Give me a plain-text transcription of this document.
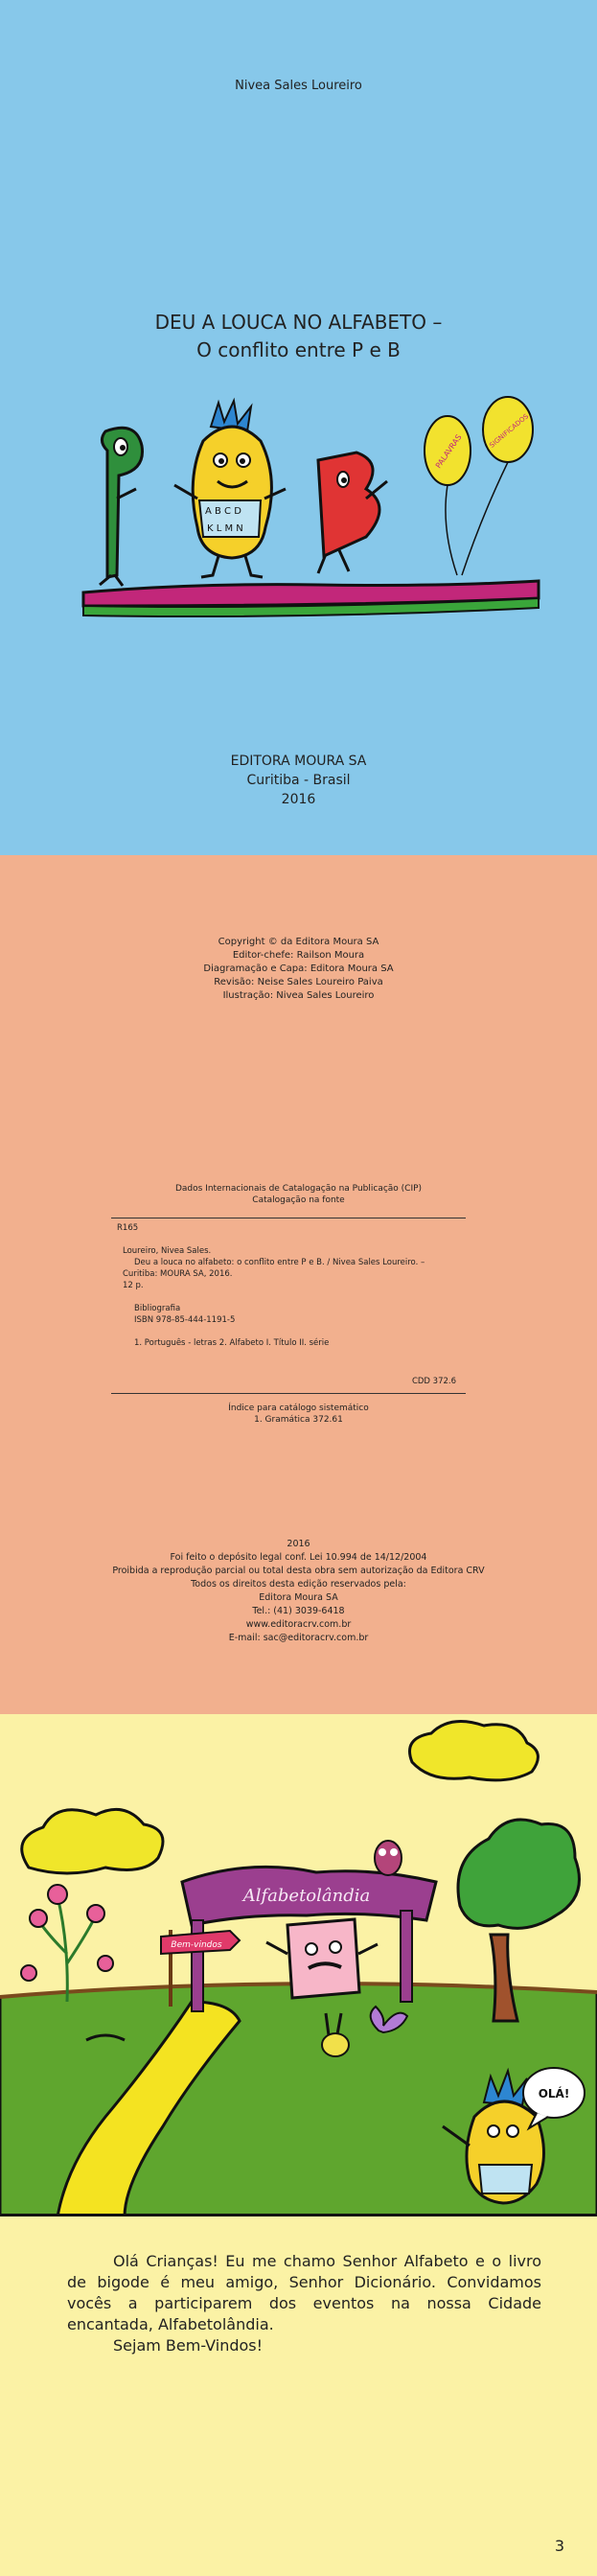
Nivea Sales Loureiro
DEU A LOUCA NO ALFABETO –
O conflito entre P e B
A B C D
K L M N
PALAVRAS
SIGNIFICADOS
EDITORA MOURA SA
Curitiba - Brasil
2016
Copyright © da Editora Moura SA
Editor-chefe: Railson Moura
Diagramação e Capa: Editora Moura SA
Revisão: Neise Sales Loureiro Paiva
Ilustração: Nivea Sales Loureiro
Dados Internacionais de Catalogação na Publicação (CIP)
Catalogação na fonte
R165
Loureiro, Nivea Sales.
Deu a louca no alfabeto: o conflito entre P e B. / Nivea Sales Loureiro. –
Curitiba: MOURA SA, 2016.
12 p.
Bibliografia
ISBN 978-85-444-1191-5
1. Português - letras 2. Alfabeto I. Título II. série
CDD 372.6
Índice para catálogo sistemático
1. Gramática 372.61
2016
Foi feito o depósito legal conf. Lei 10.994 de 14/12/2004
Proibida a reprodução parcial ou total desta obra sem autorização da Editora CRV
Todos os direitos desta edição reservados pela:
Editora Moura SA
Tel.: (41) 3039-6418
www.editoracrv.com.br
E-mail: sac@editoracrv.com.br
Alfabetolândia
Bem-vindos
OLÁ!

Olá Crianças! Eu me chamo Senhor Alfabeto e o livro de bigode é meu amigo, Senhor Dicionário. Convidamos vocês a participarem dos eventos na nossa Cidade encantada, Alfabetolândia.

Sejam Bem-Vindos!

3
